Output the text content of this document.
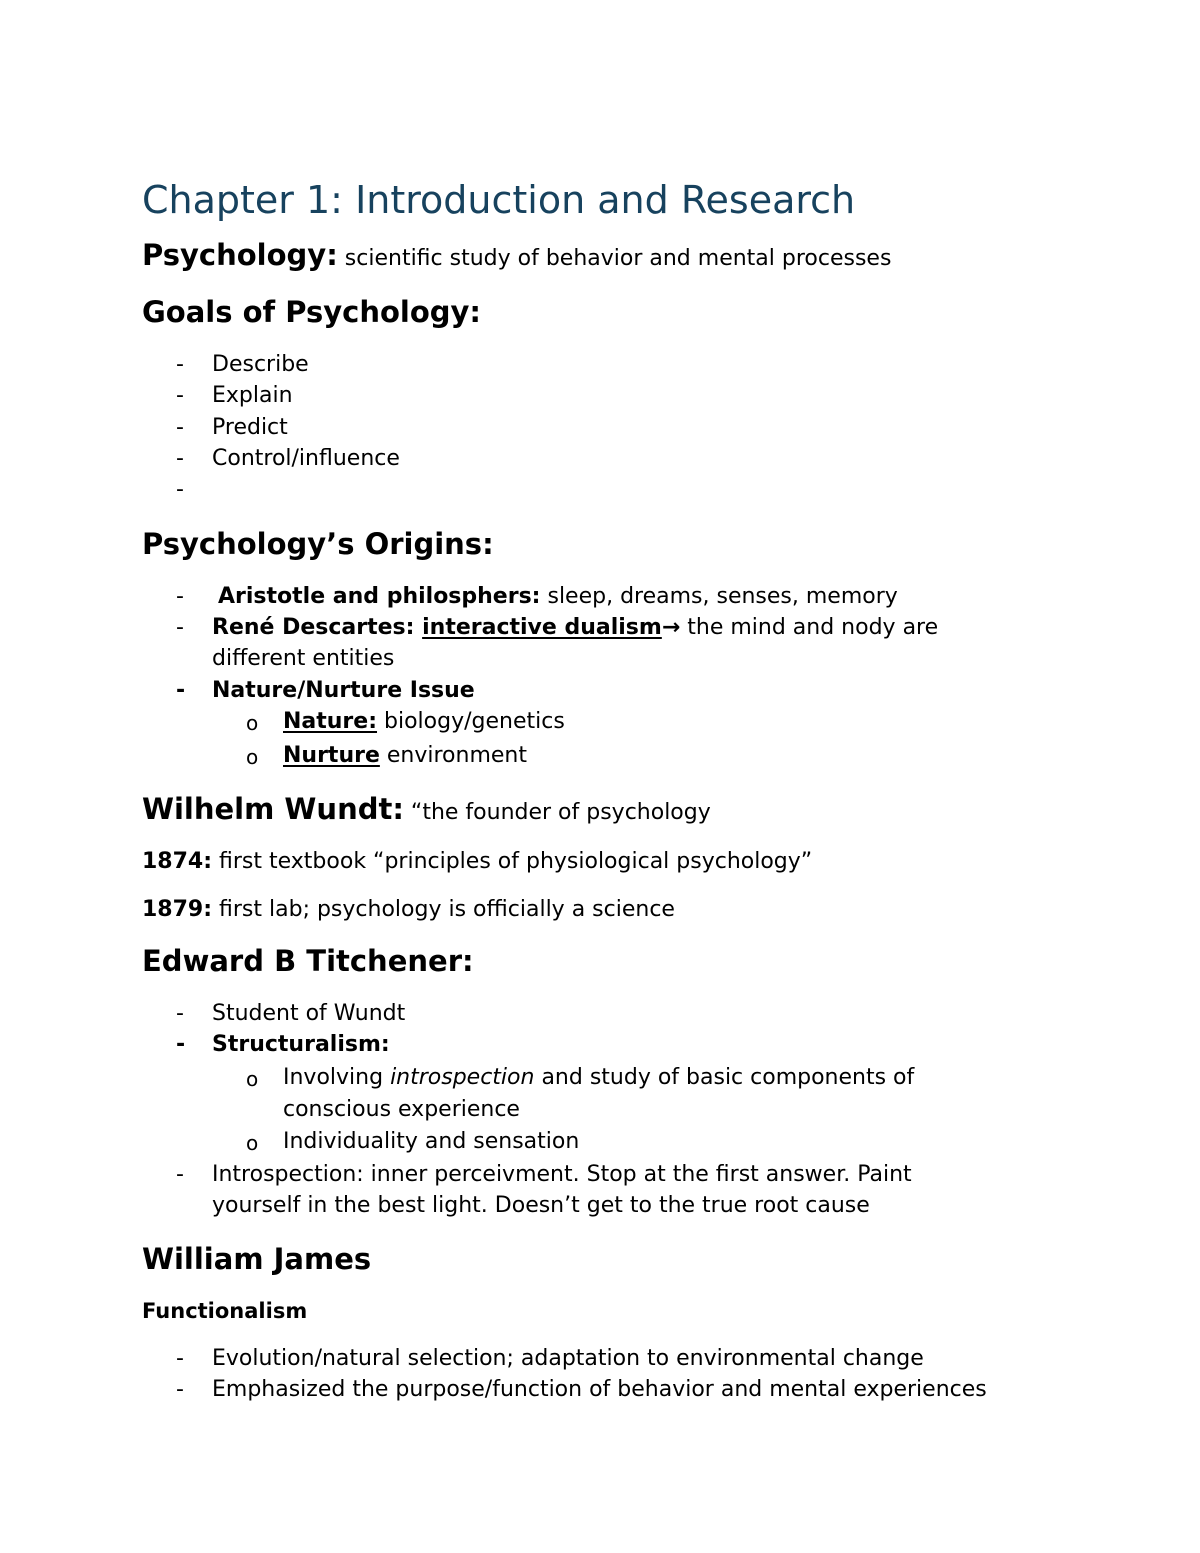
Chapter 1: Introduction and Research
Psychology: scientific study of behavior and mental processes
Goals of Psychology:
- Describe
- Explain
- Predict
- Control/influence
-
Psychology’s Origins:
- Aristotle and philosphers: sleep, dreams, senses, memory
- René Descartes: interactive dualism→ the mind and nody are
different entities
- Nature/Nurture Issue
o Nature: biology/genetics
o Nurture environment
Wilhelm Wundt: “the founder of psychology
1874: first textbook “principles of physiological psychology”
1879: first lab; psychology is officially a science
Edward B Titchener:
- Student of Wundt
- Structuralism:
o Involving introspection and study of basic components of
conscious experience
o Individuality and sensation
- Introspection: inner perceivment. Stop at the first answer. Paint
yourself in the best light. Doesn’t get to the true root cause
William James
Functionalism
- Evolution/natural selection; adaptation to environmental change
- Emphasized the purpose/function of behavior and mental experiences
